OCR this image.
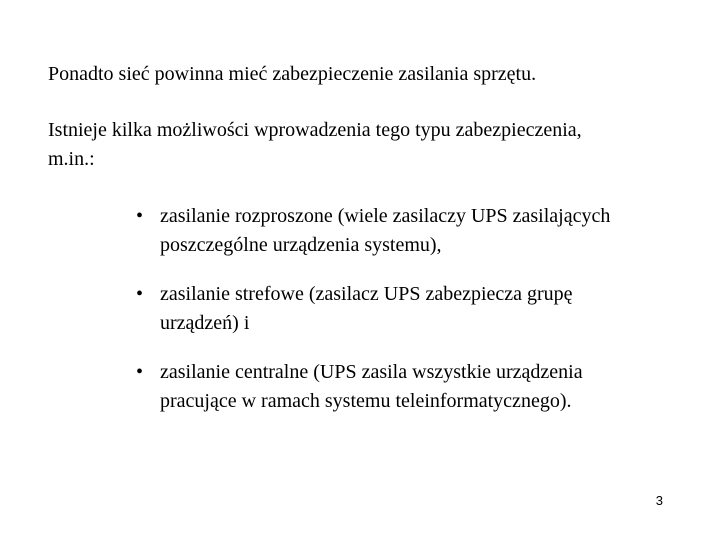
Ponadto sieć powinna mieć zabezpieczenie zasilania sprzętu.

Istnieje kilka możliwości wprowadzenia tego typu zabezpieczenia, m.in.:

• zasilanie rozproszone (wiele zasilaczy UPS zasilających poszczególne urządzenia systemu),
• zasilanie strefowe (zasilacz UPS zabezpiecza grupę urządzeń) i
• zasilanie centralne (UPS zasila wszystkie urządzenia pracujące w ramach systemu teleinformatycznego).
3
